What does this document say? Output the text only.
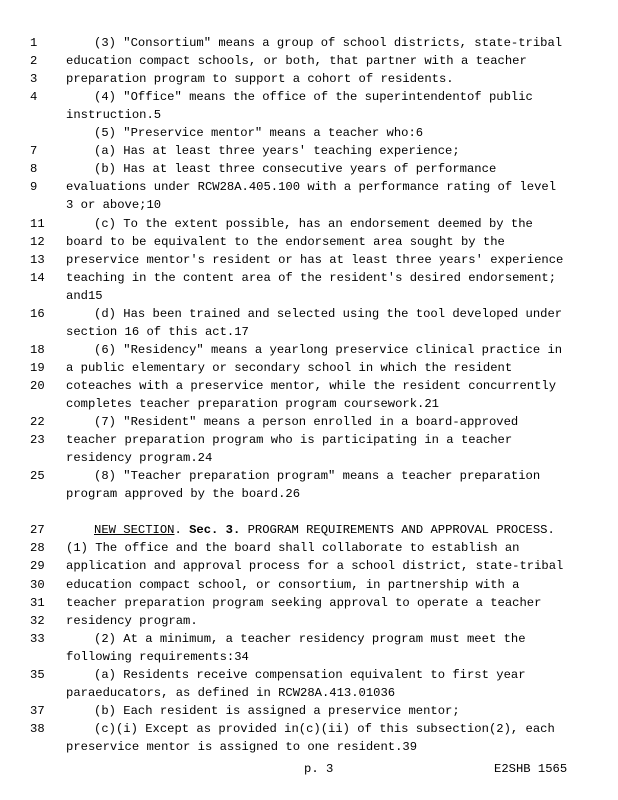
1	(3) "Consortium" means a group of school districts, state-tribal
2	education compact schools, or both, that partner with a teacher
3	preparation program to support a cohort of residents.
4	(4) "Office" means the office of the superintendentof public
instruction.5
(5) "Preservice mentor" means a teacher who:6
7	(a) Has at least three years' teaching experience;
8	(b) Has at least three consecutive years of performance
9	evaluations under RCW28A.405.100 with a performance rating of level
3 or above;10
11	(c) To the extent possible, has an endorsement deemed by the
12	board to be equivalent to the endorsement area sought by the
13	preservice mentor's resident or has at least three years' experience
14	teaching in the content area of the resident's desired endorsement;
and15
16	(d) Has been trained and selected using the tool developed under
section 16 of this act.17
18	(6) "Residency" means a yearlong preservice clinical practice in
19	a public elementary or secondary school in which the resident
20	coteaches with a preservice mentor, while the resident concurrently
completes teacher preparation program coursework.21
22	(7) "Resident" means a person enrolled in a board-approved
23	teacher preparation program who is participating in a teacher
residency program.24
25	(8) "Teacher preparation program" means a teacher preparation
program approved by the board.26
27	NEW SECTION. Sec. 3. PROGRAM REQUIREMENTS AND APPROVAL PROCESS.
28	(1) The office and the board shall collaborate to establish an
29	application and approval process for a school district, state-tribal
30	education compact school, or consortium, in partnership with a
31	teacher preparation program seeking approval to operate a teacher
32	residency program.
33	(2) At a minimum, a teacher residency program must meet the
following requirements:34
35	(a) Residents receive compensation equivalent to first year
paraeducators, as defined in RCW28A.413.01036
37	(b) Each resident is assigned a preservice mentor;
38	(c)(i) Except as provided in(c)(ii) of this subsection(2), each
preservice mentor is assigned to one resident.39
p. 3	E2SHB 1565
